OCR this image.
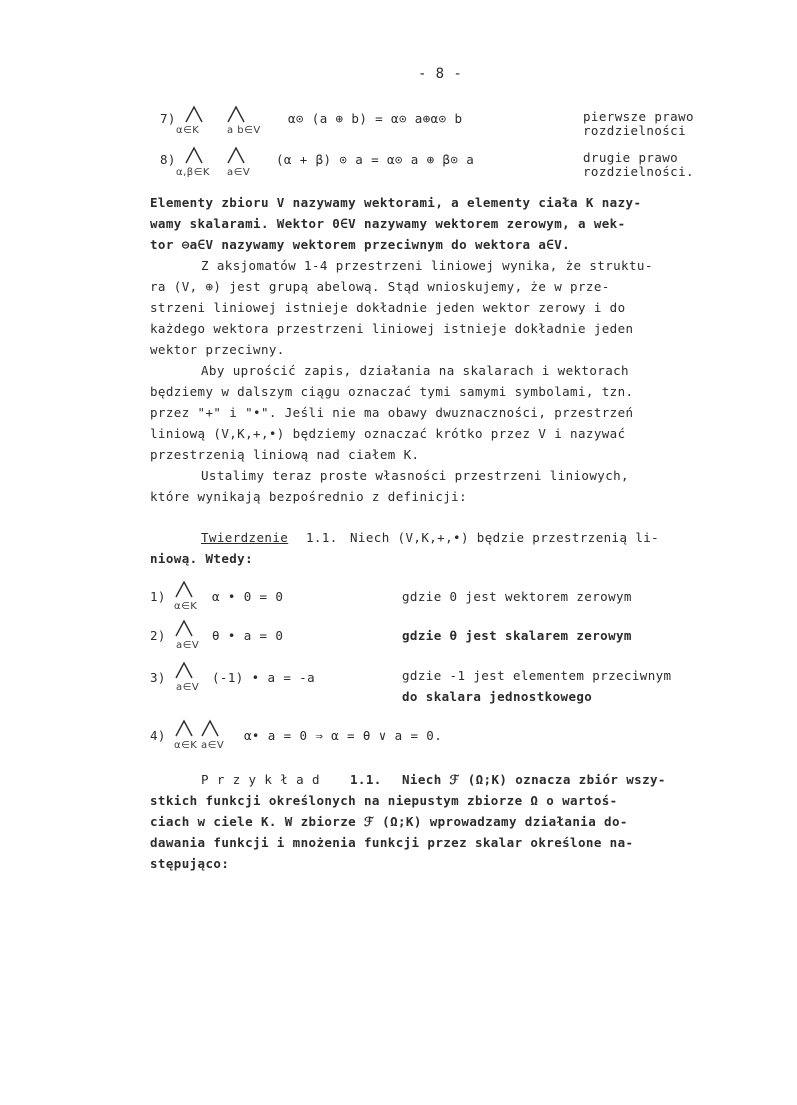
- 8 -
7)
α∈K	a b∈V
α⊙ (a ⊕ b) = α⊙ a⊕α⊙ b	pierwsze prawo
rozdzielności
8)
α,β∈K a∈V
(α + β) ⊙ a = α⊙ a ⊕ β⊙ a	drugie prawo
rozdzielności.
Elementy zbioru V nazywamy wektorami, a elementy ciała K nazy-
wamy skalarami. Wektor 0∈V nazywamy wektorem zerowym, a wek-
tor ⊖a∈V nazywamy wektorem przeciwnym do wektora a∈V.
Z aksjomatów 1-4 przestrzeni liniowej wynika, że struktu-
ra (V, ⊕) jest grupą abelową. Stąd wnioskujemy, że w prze-
strzeni liniowej istnieje dokładnie jeden wektor zerowy i do
każdego wektora przestrzeni liniowej istnieje dokładnie jeden
wektor przeciwny.
Aby uprościć zapis, działania na skalarach i wektorach
będziemy w dalszym ciągu oznaczać tymi samymi symbolami, tzn.
przez "+" i "•". Jeśli nie ma obawy dwuznaczności, przestrzeń
liniową (V,K,+,•) będziemy oznaczać krótko przez V i nazywać
przestrzenią liniową nad ciałem K.
Ustalimy teraz proste własności przestrzeni liniowych,
które wynikają bezpośrednio z definicji:
Twierdzenie 1.1. Niech (V,K,+,•) będzie przestrzenią li-
niową. Wtedy:
1)
α∈K
α • 0 = 0	gdzie 0 jest wektorem zerowym
2)
a∈V
θ • a = 0	gdzie θ jest skalarem zerowym
3)
a∈V
(-1) • a = -a	gdzie -1 jest elementem przeciwnym
do skalara jednostkowego
4)
α∈K a∈V
α• a = 0 ⇒ α = θ ∨ a = 0.
P r z y k ł a d 1.1. Niech ℱ (Ω;K) oznacza zbiór wszy-
stkich funkcji określonych na niepustym zbiorze Ω o wartoś-
ciach w ciele K. W zbiorze ℱ (Ω;K) wprowadzamy działania do-
dawania funkcji i mnożenia funkcji przez skalar określone na-
stępująco:
